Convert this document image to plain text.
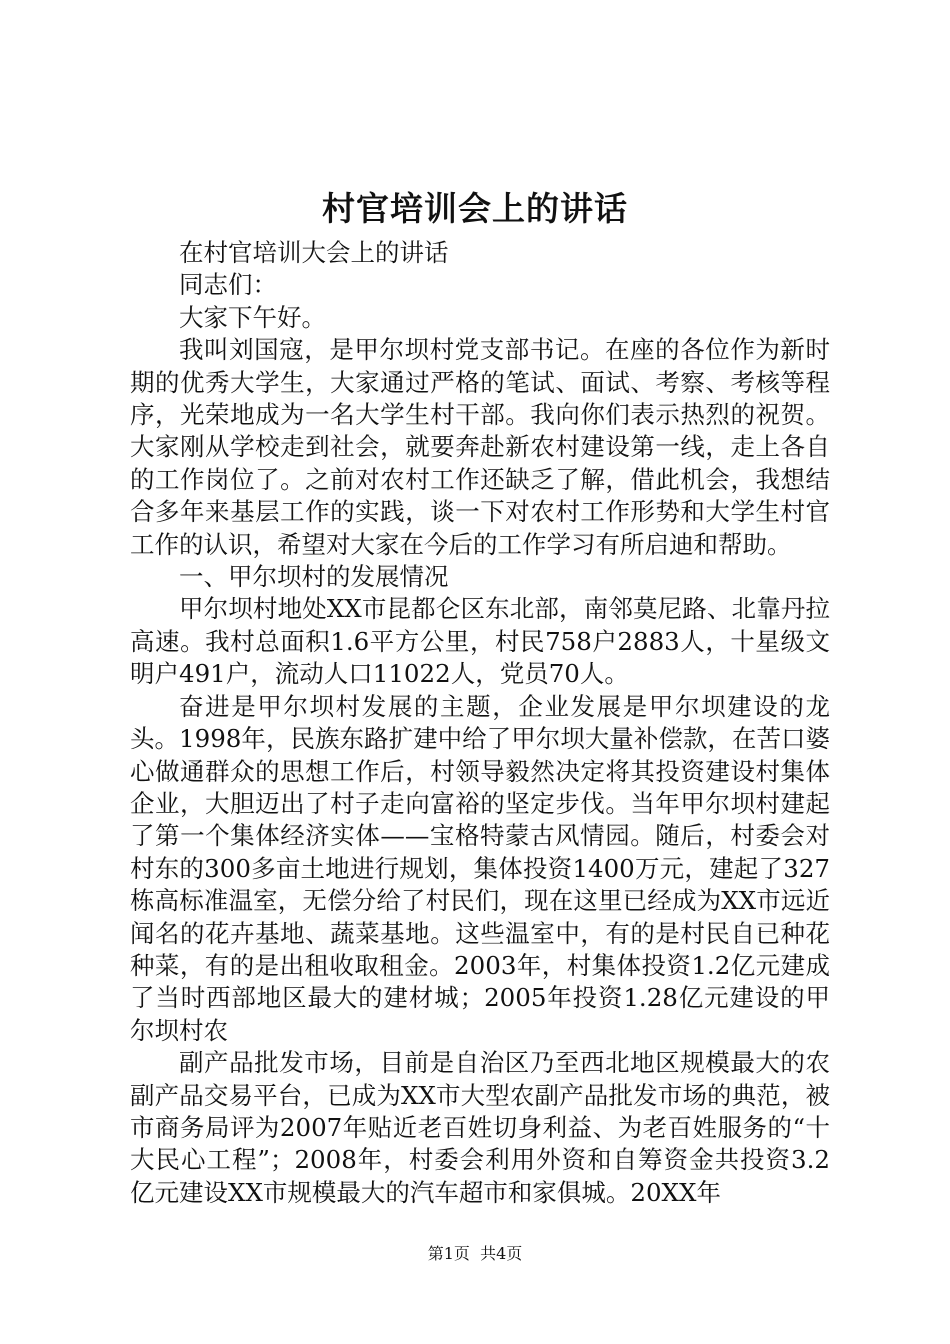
村官培训会上的讲话

在村官培训大会上的讲话

同志们：

大家下午好。

我叫刘国寇，是甲尔坝村党支部书记。在座的各位作为新时期的优秀大学生，大家通过严格的笔试、面试、考察、考核等程序，光荣地成为一名大学生村干部。我向你们表示热烈的祝贺。大家刚从学校走到社会，就要奔赴新农村建设第一线，走上各自的工作岗位了。之前对农村工作还缺乏了解，借此机会，我想结合多年来基层工作的实践，谈一下对农村工作形势和大学生村官工作的认识，希望对大家在今后的工作学习有所启迪和帮助。

一、甲尔坝村的发展情况

甲尔坝村地处XX市昆都仑区东北部，南邻莫尼路、北靠丹拉高速。我村总面积1.6平方公里，村民758户2883人，十星级文明户491户，流动人口11022人，党员70人。

奋进是甲尔坝村发展的主题，企业发展是甲尔坝建设的龙头。1998年，民族东路扩建中给了甲尔坝大量补偿款，在苦口婆心做通群众的思想工作后，村领导毅然决定将其投资建设村集体企业，大胆迈出了村子走向富裕的坚定步伐。当年甲尔坝村建起了第一个集体经济实体——宝格特蒙古风情园。随后，村委会对村东的300多亩土地进行规划，集体投资1400万元，建起了327栋高标准温室，无偿分给了村民们，现在这里已经成为XX市远近闻名的花卉基地、蔬菜基地。这些温室中，有的是村民自已种花种菜，有的是出租收取租金。2003年，村集体投资1.2亿元建成了当时西部地区最大的建材城；2005年投资1.28亿元建设的甲尔坝村农

副产品批发市场，目前是自治区乃至西北地区规模最大的农副产品交易平台，已成为XX市大型农副产品批发市场的典范，被市商务局评为2007年贴近老百姓切身利益、为老百姓服务的“十大民心工程”；2008年，村委会利用外资和自筹资金共投资3.2亿元建设XX市规模最大的汽车超市和家俱城。20XX年

第1页 共4页
